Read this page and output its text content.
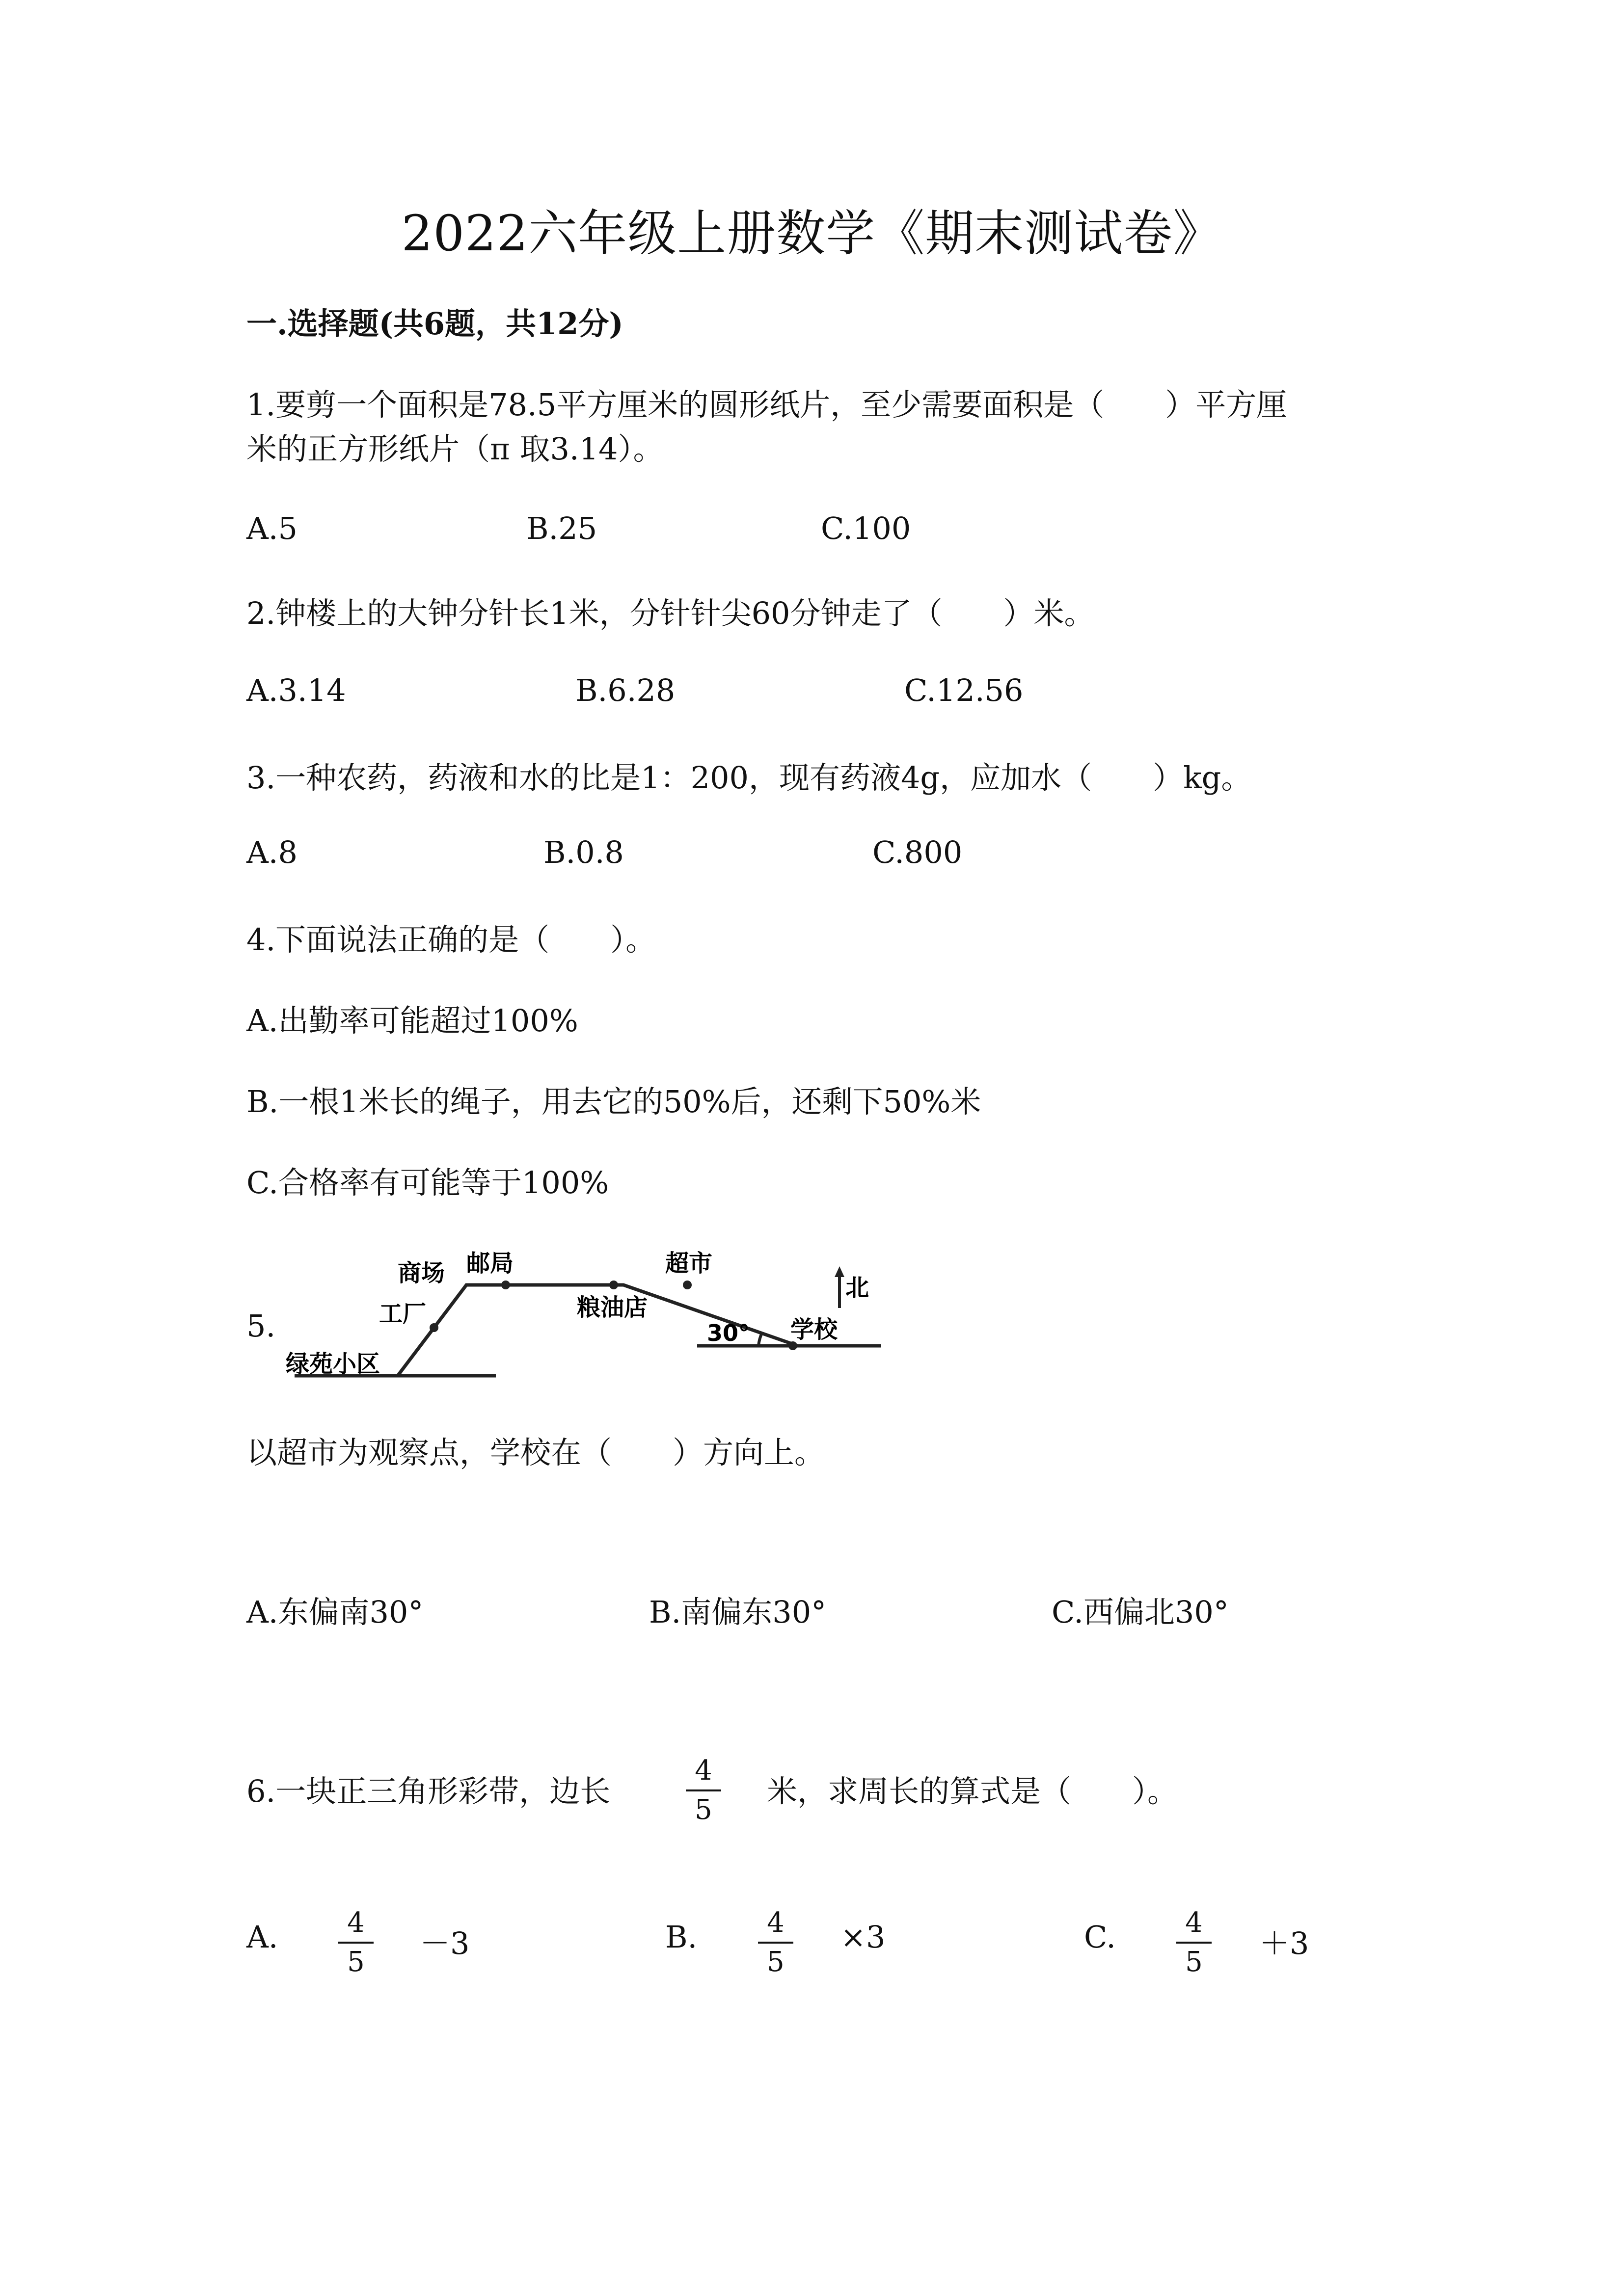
2022六年级上册数学《期末测试卷》
一.选择题(共6题，共12分)
1.要剪一个面积是78.5平方厘米的圆形纸片，至少需要面积是（　　）平方厘
米的正方形纸片（π 取3.14）。
A.5	B.25	C.100
2.钟楼上的大钟分针长1米，分针针尖60分钟走了（　　）米。
A.3.14	B.6.28	C.12.56
3.一种农药，药液和水的比是1：200，现有药液4g，应加水（　　）kg。
A.8	B.0.8	C.800
4.下面说法正确的是（　　）。
A.出勤率可能超过100%
B.一根1米长的绳子，用去它的50%后，还剩下50%米
C.合格率有可能等于100%
5.
商场 邮局	超市
工厂	粮油店
绿苑小区
学校
30°
北
以超市为观察点，学校在（　　）方向上。
A.东偏南30°	B.南偏东30°	C.西偏北30°
6.一块正三角形彩带，边长
4
5
米，求周长的算式是（　　）。
A.	4
5
－3	B.	4
5
×3	C.	4
5
＋3
